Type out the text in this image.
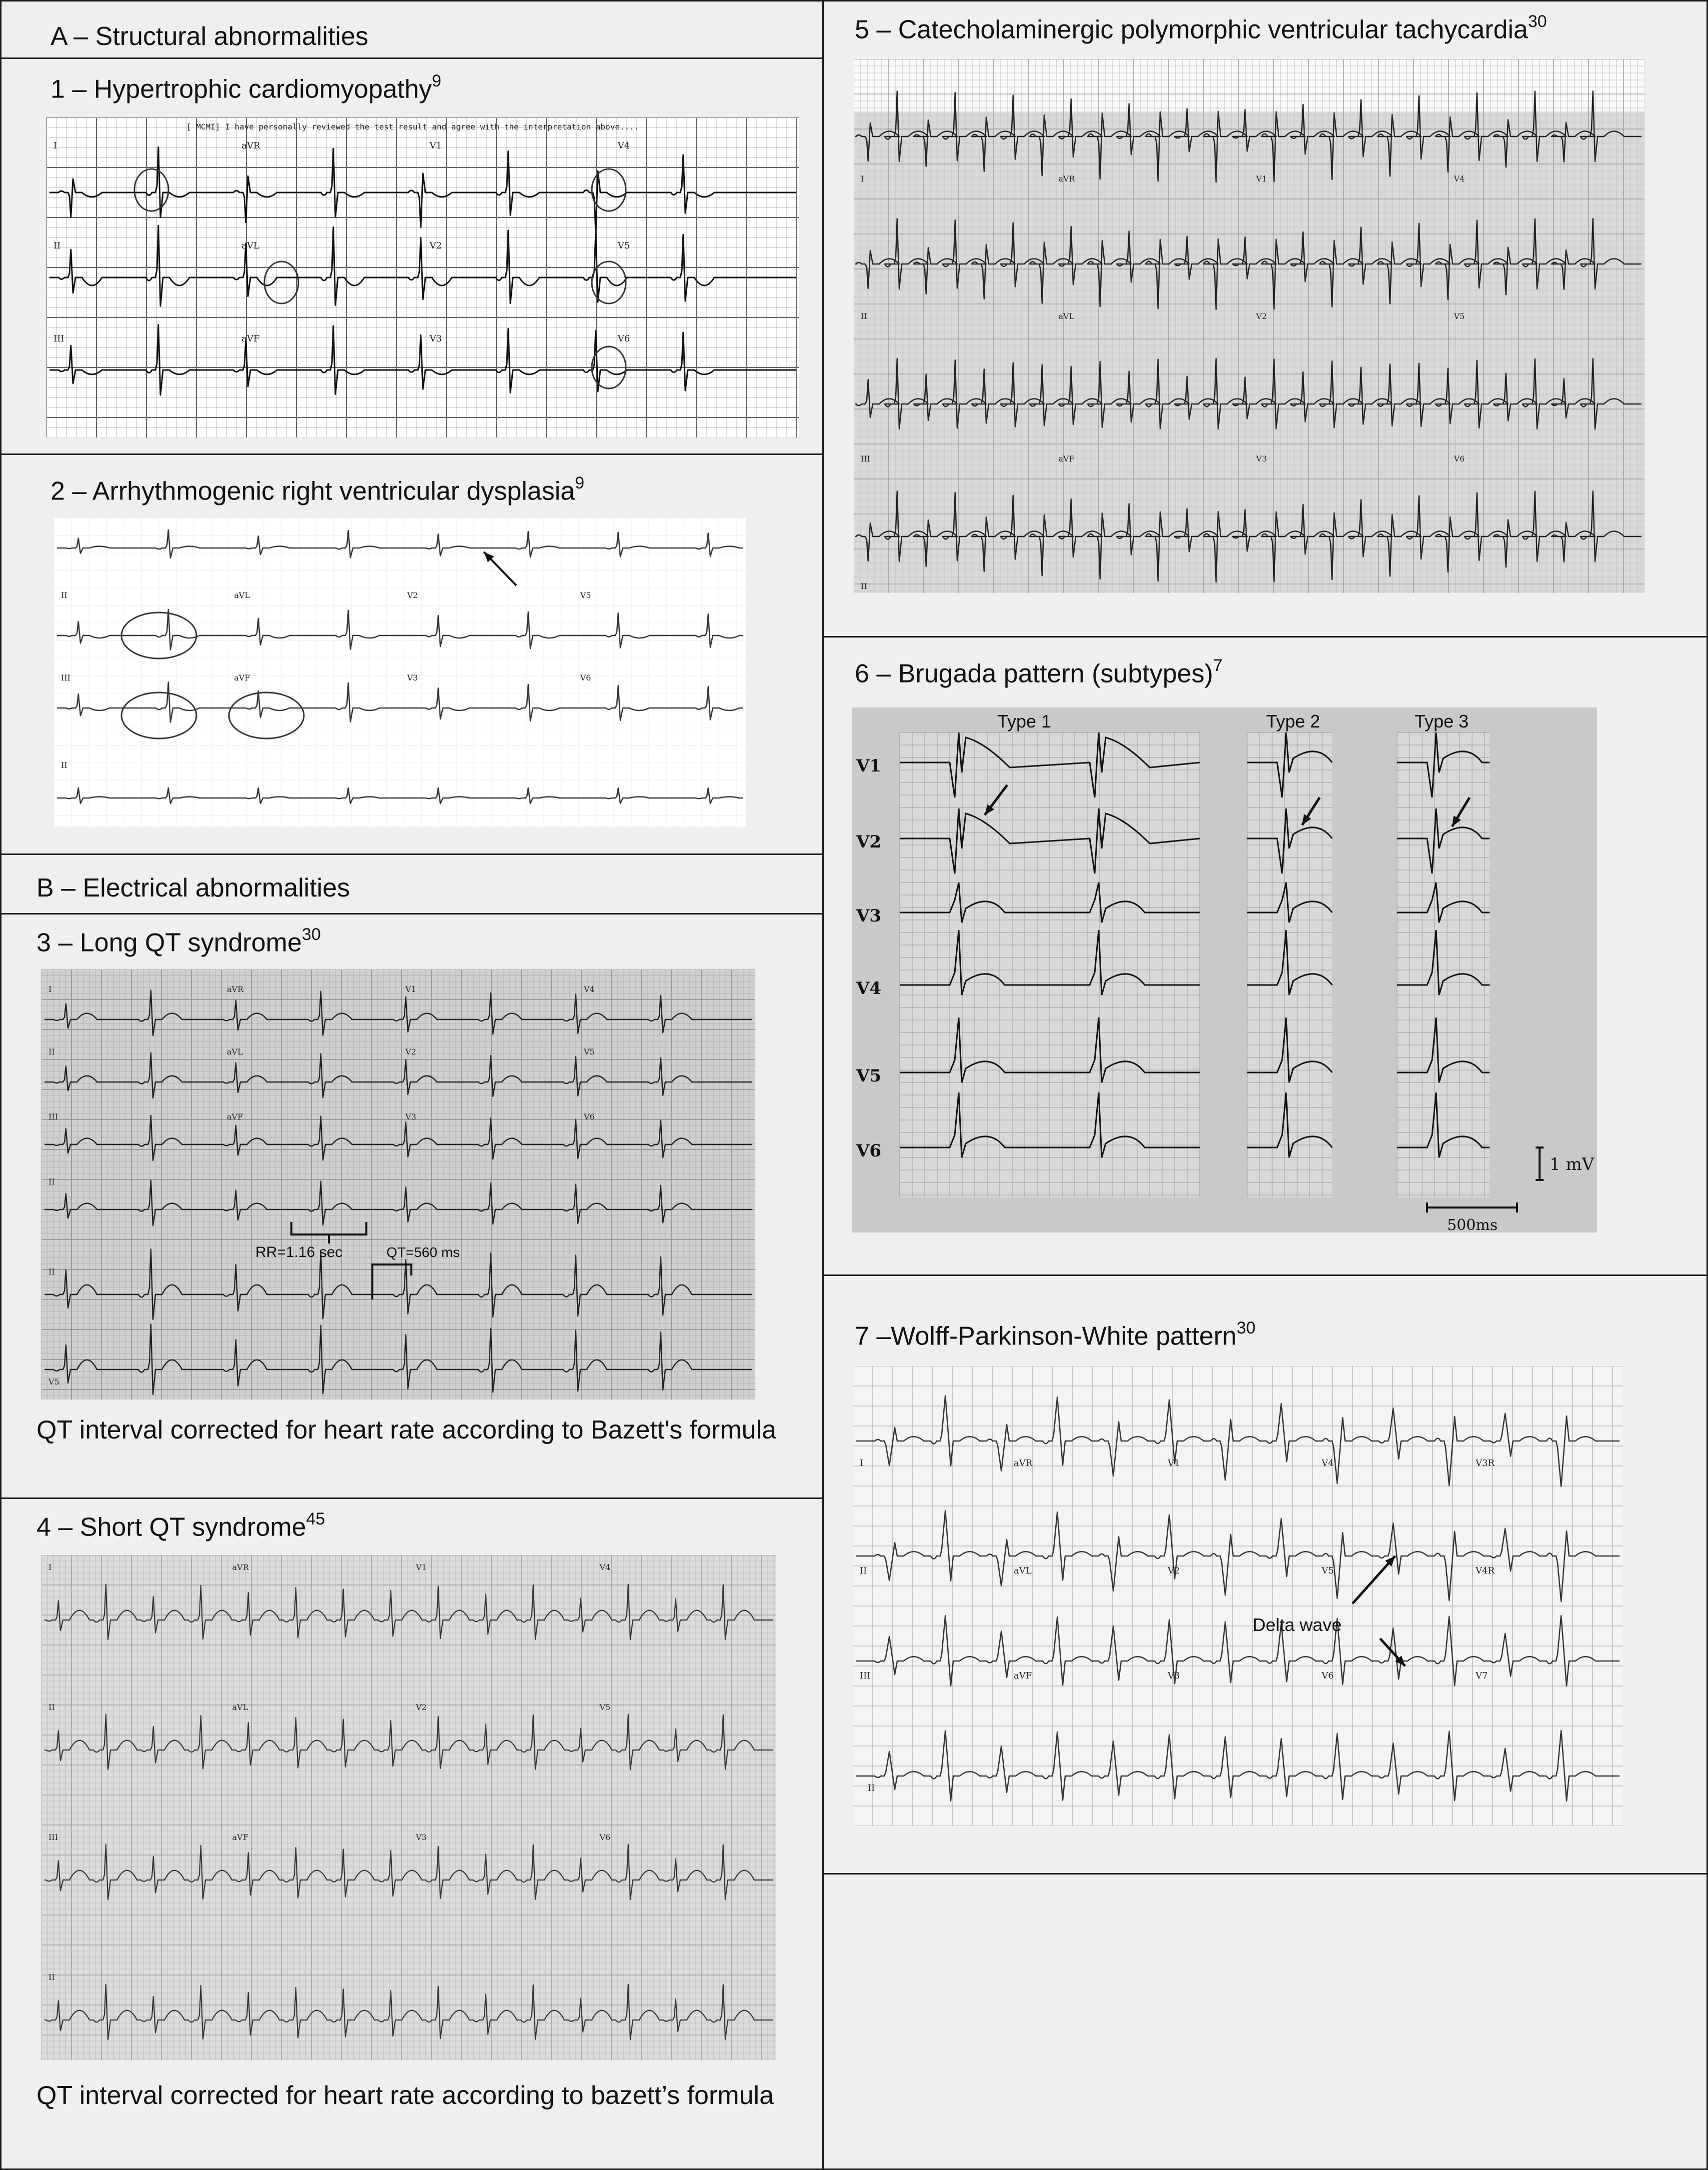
A – Structural abnormalities
1 – Hypertrophic cardiomyopathy$^9$
I	aVR	V1	V4
II	aVL	V2	V5
III	aVF	V3	V6
[ MCMI] I have personally reviewed the test result and agree with the interpretation above....
2 – Arrhythmogenic right ventricular dysplasia$^9$
II	aVL	V2	V5
III	aVF	V3	V6
II
B – Electrical abnormalities
3 – Long QT syndrome$^{30}$
I	aVR	V1	V4
II	aVL	V2	V5
III	aVF	V3	V6
II
II
V5
RR=1.16 sec	QT=560 ms
QT interval corrected for heart rate according to Bazett's formula
4 – Short QT syndrome$^{45}$
I	aVR	V1	V4
II	aVL	V2	V5
III	aVF	V3	V6
II
QT interval corrected for heart rate according to bazett’s formula
5 – Catecholaminergic polymorphic ventricular tachycardia$^{30}$
I	aVR	V1	V4
II	aVL	V2	V5
III	aVF	V3	V6
II
6 – Brugada pattern (subtypes)$^7$
Type 1	Type 2	Type 3
V1
V2
V3
V4
V5
V6
1 mV
500ms
7 –Wolff-Parkinson-White pattern$^{30}$
I	aVR	V1	V4	V3R
II	aVL	V2	V5	V4R
III	aVF	V3	V6	V7
II
Delta wave
